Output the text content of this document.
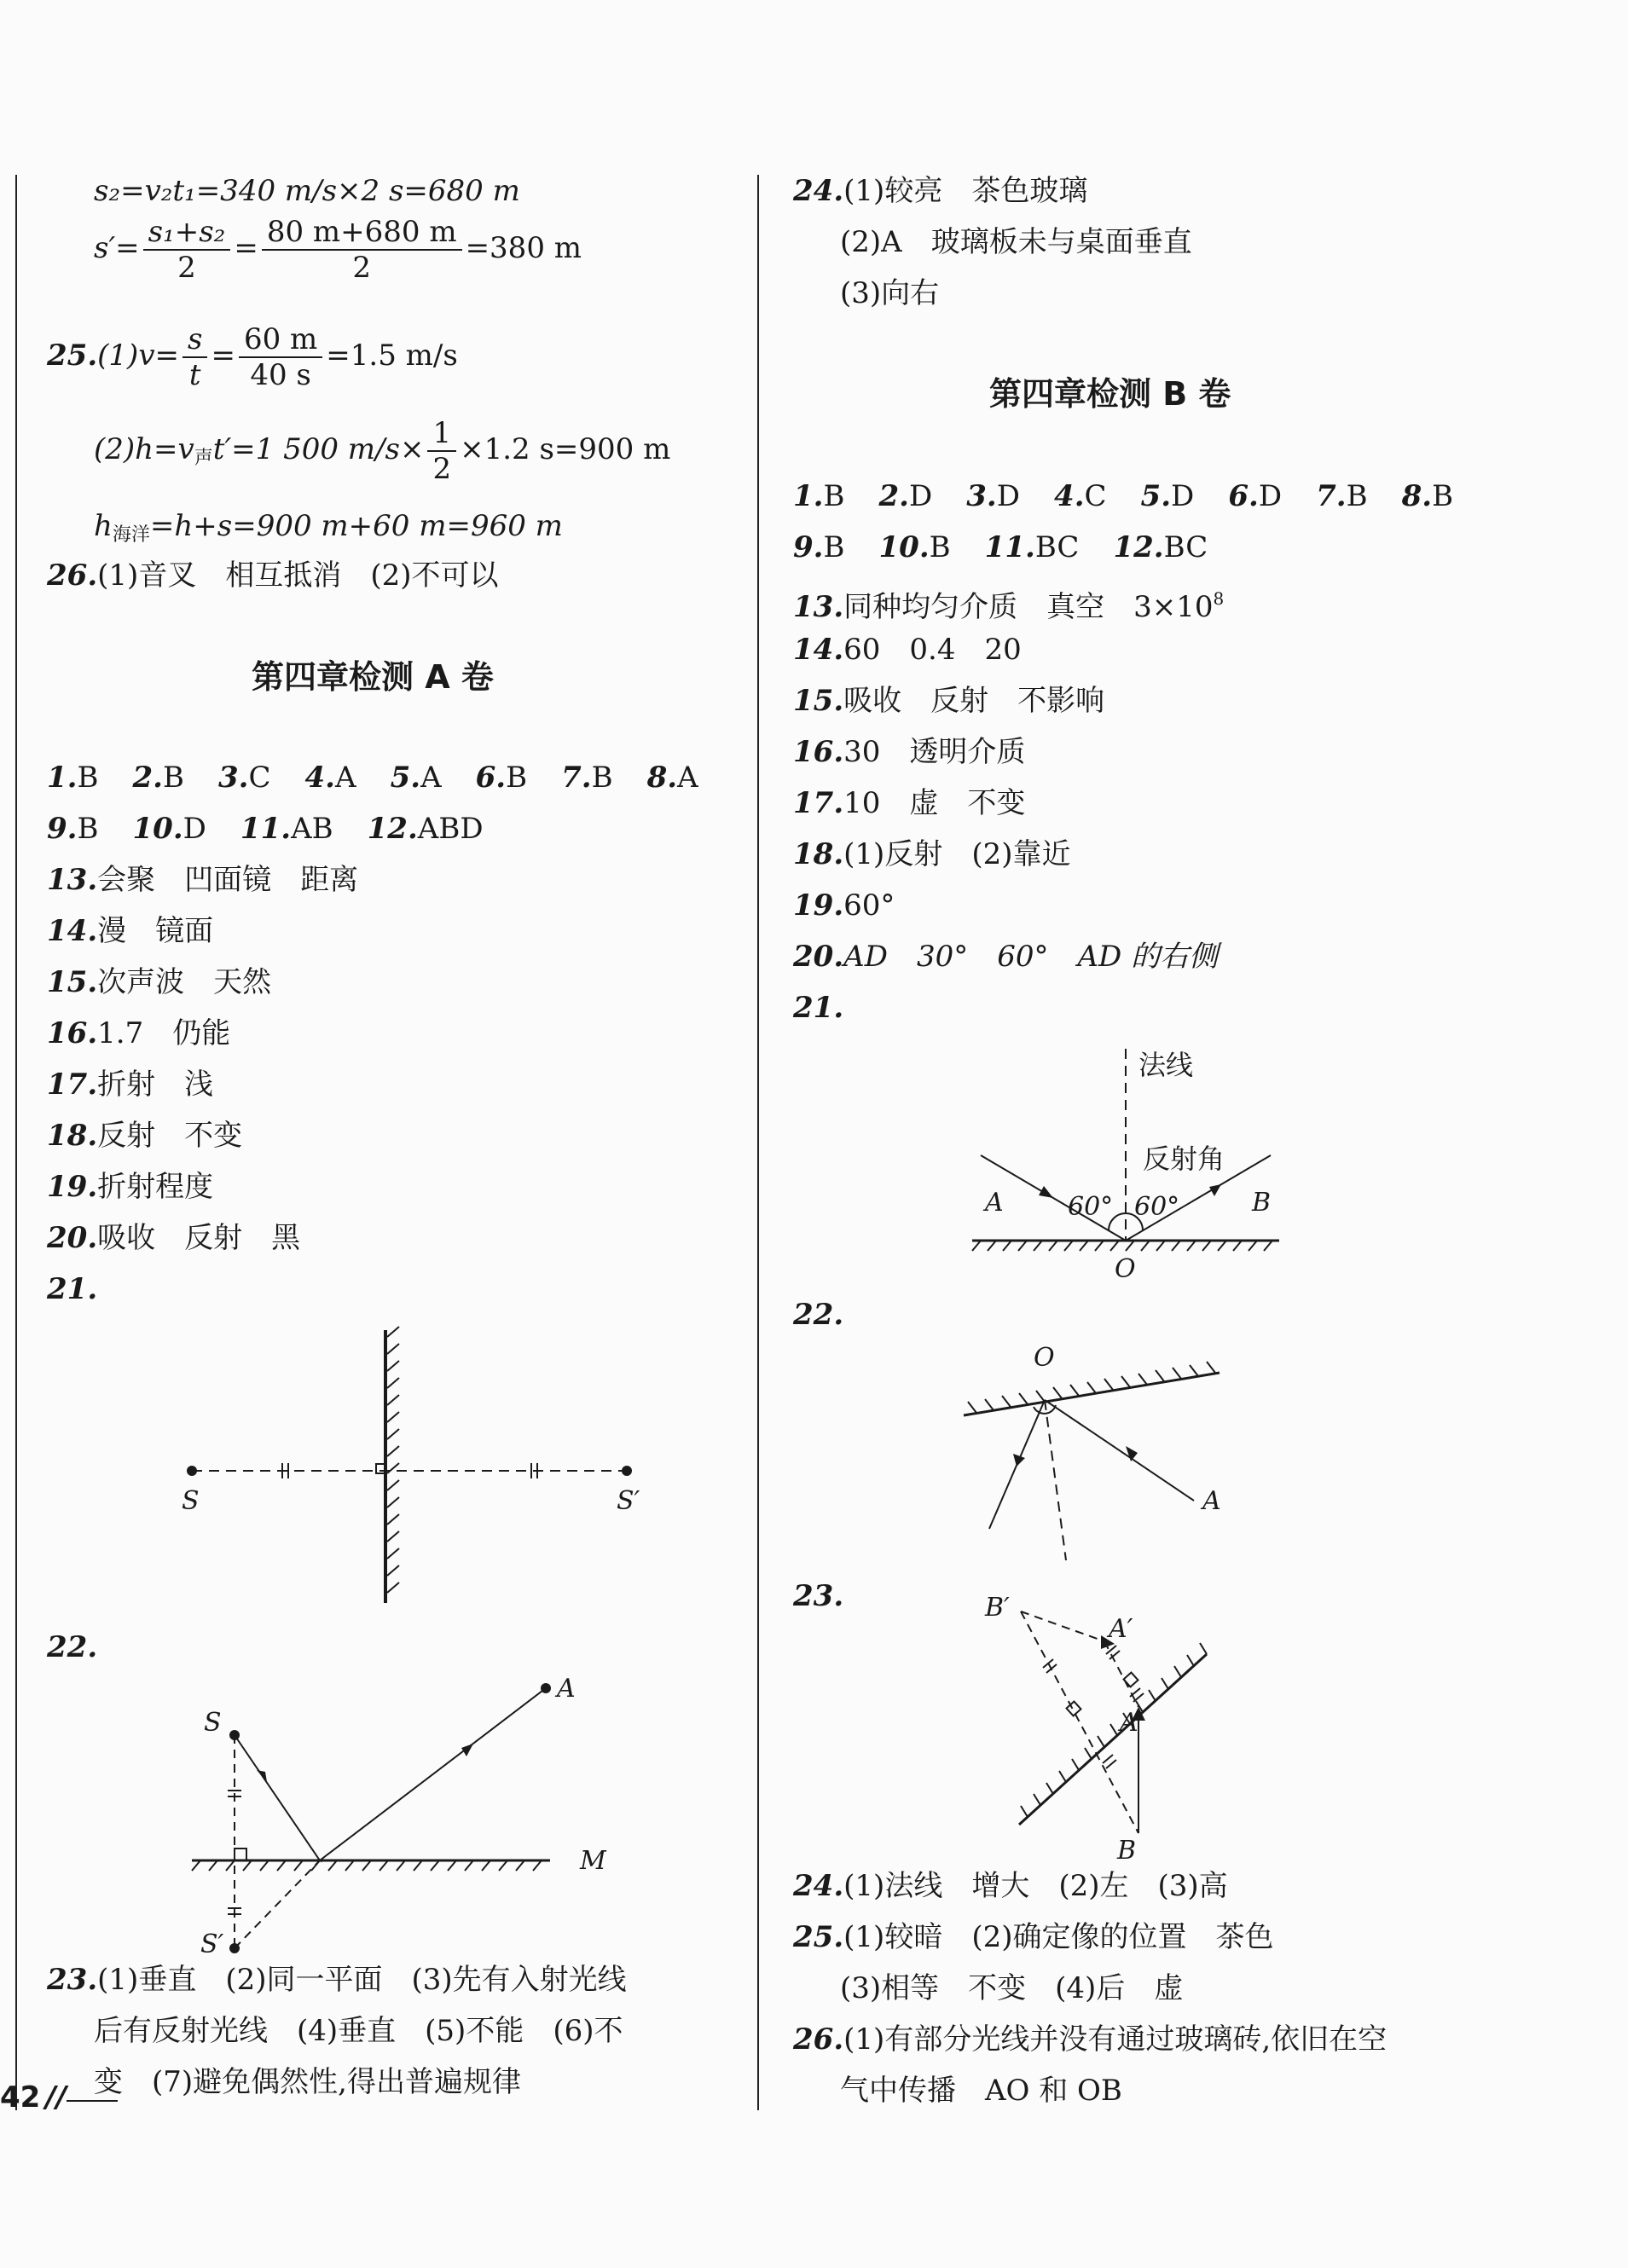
s₂=v₂t₁=340 m/s×2 s=680 m
$s'= \frac{\text{s₁+s₂}}{2} = \frac{80 m+680 m}{2} =380$ m
$25.(1)v= \frac{s}{t} = \frac{60 m}{40 s} =1.5$ m/s
$(2)h=v_声t'=1$ 500 $m/s\times \frac{1}{2} \times 1.2$ s=900 m
$h_{海洋}=h+s=900$ m+60 m=960 m
26.(1)音叉　相互抵消　(2)不可以
第四章检测 A 卷
1.B 2.B 3.C 4.A 5.A 6.B 7.B 8.A
9.B 10.D 11.AB 12.ABD
13.会聚　凹面镜　距离
14.漫　镜面
15.次声波　天然
16.1.7　仍能
17.折射　浅
18.反射　不变
19.折射程度
20.吸收　反射　黑
21.
S	S′
22.
A
S
S′
M
23.(1)垂直　(2)同一平面　(3)先有入射光线
后有反射光线　(4)垂直　(5)不能　(6)不
变　(7)避免偶然性,得出普遍规律
42 //
24.(1)较亮　茶色玻璃
(2)A　玻璃板未与桌面垂直
(3)向右
第四章检测 B 卷
1.B 2.D 3.D 4.C 5.D 6.D 7.B 8.B
9.B 10.B 11.BC 12.BC
13.同种均匀介质　真空　$3\times 10^8$
14.60　0.4　20
15.吸收　反射　不影响
16.30　透明介质
17.10　虚　不变
18.(1)反射　(2)靠近
19.60°
20.AD　30°　60°　AD 的右侧
21.
法线
反射角
60° 60°
A	B
O
22.
O
A
23.	B′
A′
A
B
24.(1)法线　增大　(2)左　(3)高
25.(1)较暗　(2)确定像的位置　茶色
(3)相等　不变　(4)后　虚
26.(1)有部分光线并没有通过玻璃砖,依旧在空
气中传播　AO 和 OB
